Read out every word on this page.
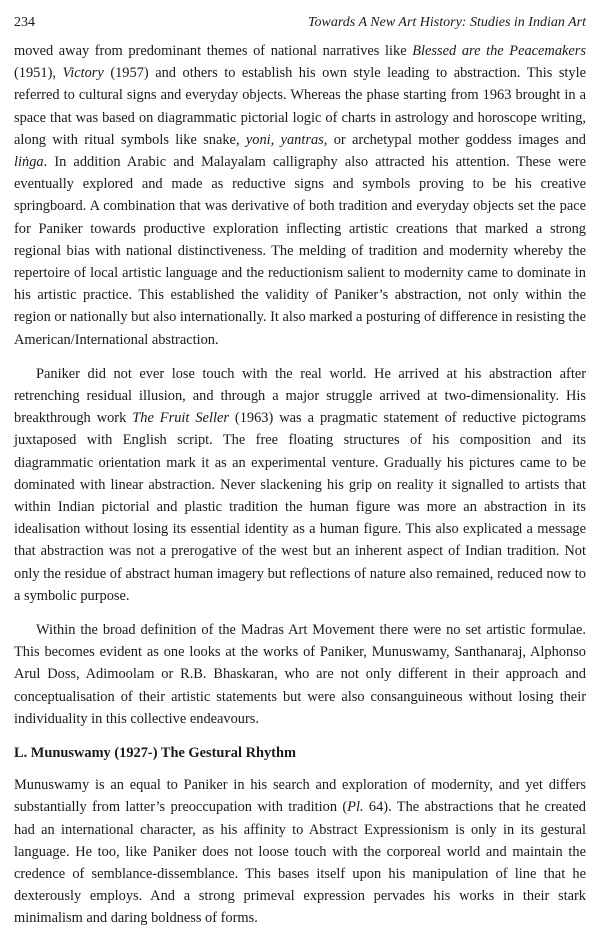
234	Towards A New Art History: Studies in Indian Art

moved away from predominant themes of national narratives like Blessed are the Peacemakers (1951), Victory (1957) and others to establish his own style leading to abstraction. This style referred to cultural signs and everyday objects. Whereas the phase starting from 1963 brought in a space that was based on diagrammatic pictorial logic of charts in astrology and horoscope writing, along with ritual symbols like snake, yoni, yantras, or archetypal mother goddess images and liṅga. In addition Arabic and Malayalam calligraphy also attracted his attention. These were eventually explored and made as reductive signs and symbols proving to be his creative springboard. A combination that was derivative of both tradition and everyday objects set the pace for Paniker towards productive exploration inflecting artistic creations that marked a strong regional bias with national distinctiveness. The melding of tradition and modernity whereby the repertoire of local artistic language and the reductionism salient to modernity came to dominate in his artistic practice. This established the validity of Paniker’s abstraction, not only within the region or nationally but also internationally. It also marked a posturing of difference in resisting the American/International abstraction.

Paniker did not ever lose touch with the real world. He arrived at his abstraction after retrenching residual illusion, and through a major struggle arrived at two-dimensionality. His breakthrough work The Fruit Seller (1963) was a pragmatic statement of reductive pictograms juxtaposed with English script. The free floating structures of his composition and its diagrammatic orientation mark it as an experimental venture. Gradually his pictures came to be dominated with linear abstraction. Never slackening his grip on reality it signalled to artists that within Indian pictorial and plastic tradition the human figure was more an abstraction in its idealisation without losing its essential identity as a human figure. This also explicated a message that abstraction was not a prerogative of the west but an inherent aspect of Indian tradition. Not only the residue of abstract human imagery but reflections of nature also remained, reduced now to a symbolic purpose.

Within the broad definition of the Madras Art Movement there were no set artistic formulae. This becomes evident as one looks at the works of Paniker, Munuswamy, Santhanaraj, Alphonso Arul Doss, Adimoolam or R.B. Bhaskaran, who are not only different in their approach and conceptualisation of their artistic statements but were also consanguineous without losing their individuality in this collective endeavours.

L. Munuswamy (1927-) The Gestural Rhythm

Munuswamy is an equal to Paniker in his search and exploration of modernity, and yet differs substantially from latter’s preoccupation with tradition (Pl. 64). The abstractions that he created had an international character, as his affinity to Abstract Expressionism is only in its gestural language. He too, like Paniker does not loose touch with the corporeal world and maintain the credence of semblance-dissemblance. This bases itself upon his manipulation of line that he dexterously employs. And a strong primeval expression pervades his works in their stark minimalism and daring boldness of forms.
